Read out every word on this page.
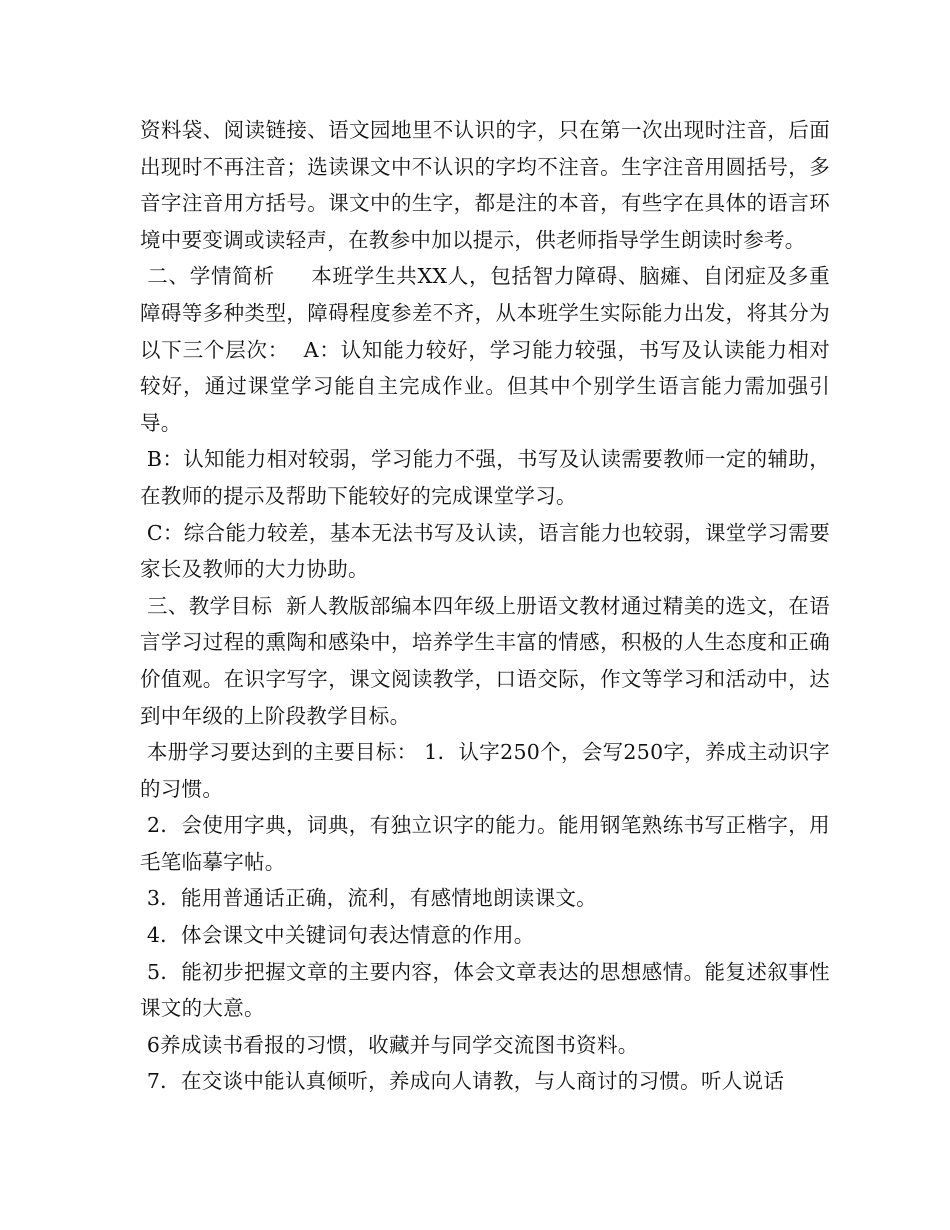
资料袋、阅读链接、语文园地里不认识的字，只在第一次出现时注音，后面出现时不再注音；选读课文中不认识的字均不注音。生字注音用圆括号，多音字注音用方括号。课文中的生字，都是注的本音，有些字在具体的语言环境中要变调或读轻声，在教参中加以提示，供老师指导学生朗读时参考。

二、学情简析     本班学生共XX人，包括智力障碍、脑瘫、自闭症及多重障碍等多种类型，障碍程度参差不齐，从本班学生实际能力出发，将其分为以下三个层次：  A：认知能力较好，学习能力较强，书写及认读能力相对较好，通过课堂学习能自主完成作业。但其中个别学生语言能力需加强引导。

B：认知能力相对较弱，学习能力不强，书写及认读需要教师一定的辅助，在教师的提示及帮助下能较好的完成课堂学习。

C：综合能力较差，基本无法书写及认读，语言能力也较弱，课堂学习需要家长及教师的大力协助。

三、教学目标  新人教版部编本四年级上册语文教材通过精美的选文，在语言学习过程的熏陶和感染中，培养学生丰富的情感，积极的人生态度和正确价值观。在识字写字，课文阅读教学，口语交际，作文等学习和活动中，达到中年级的上阶段教学目标。

本册学习要达到的主要目标： 1．认字250个，会写250字，养成主动识字的习惯。

2．会使用字典，词典，有独立识字的能力。能用钢笔熟练书写正楷字，用毛笔临摹字帖。

3．能用普通话正确，流利，有感情地朗读课文。

4．体会课文中关键词句表达情意的作用。

5．能初步把握文章的主要内容，体会文章表达的思想感情。能复述叙事性课文的大意。

6养成读书看报的习惯，收藏并与同学交流图书资料。

7．在交谈中能认真倾听，养成向人请教，与人商讨的习惯。听人说话
